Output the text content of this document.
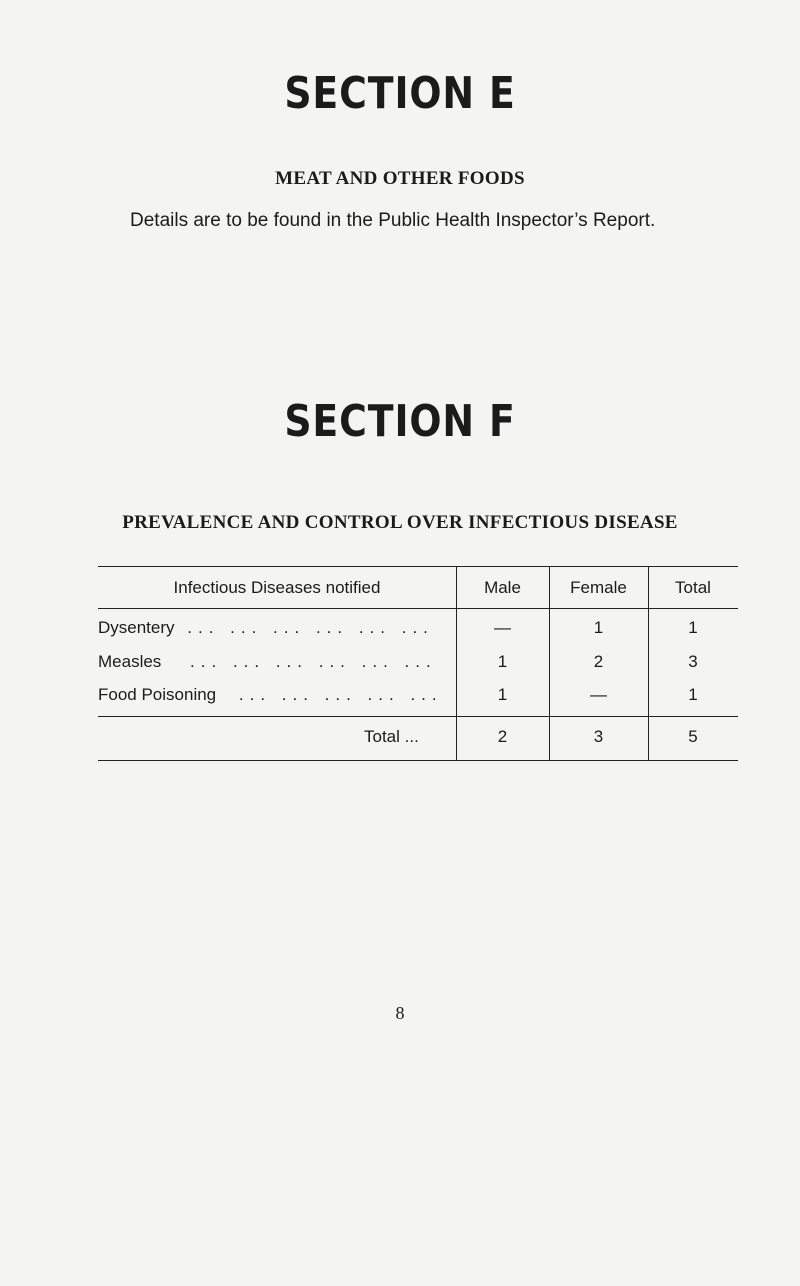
SECTION E
MEAT AND OTHER FOODS
Details are to be found in the Public Health Inspector’s Report.
SECTION F
PREVALENCE AND CONTROL OVER INFECTIOUS DISEASE
Infectious Diseases notified	Male	Female	Total
Dysentery ... ... ... ... ... ...	—	1	1
Measles ... ... ... ... ... ...	1	2	3
Food Poisoning ... ... ... ... ...	1	—	1
Total ...	2	3	5
8
